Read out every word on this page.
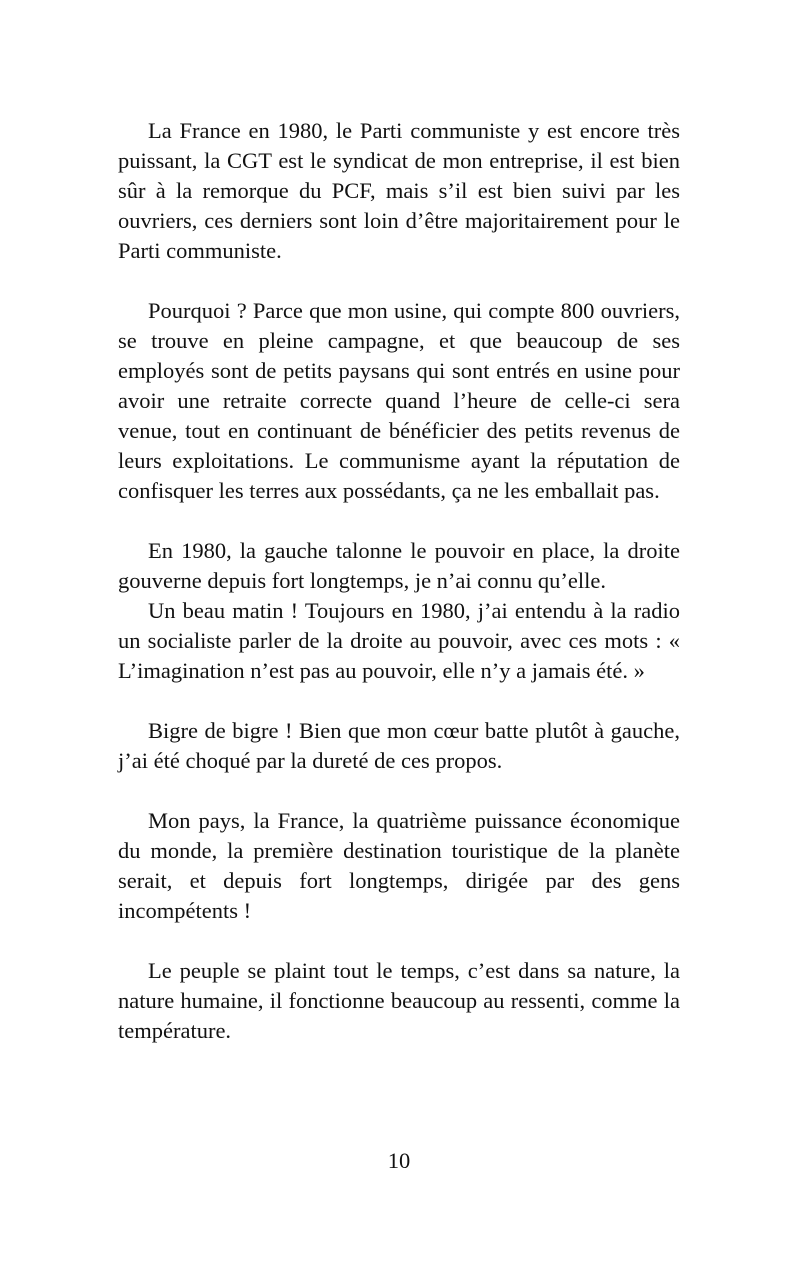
La France en 1980, le Parti communiste y est encore très puissant, la CGT est le syndicat de mon entreprise, il est bien sûr à la remorque du PCF, mais s’il est bien suivi par les ouvriers, ces derniers sont loin d’être majoritairement pour le Parti communiste.

Pourquoi ? Parce que mon usine, qui compte 800 ouvriers, se trouve en pleine campagne, et que beaucoup de ses employés sont de petits paysans qui sont entrés en usine pour avoir une retraite correcte quand l’heure de celle-ci sera venue, tout en continuant de bénéficier des petits revenus de leurs exploitations. Le communisme ayant la réputation de confisquer les terres aux possédants, ça ne les emballait pas.

En 1980, la gauche talonne le pouvoir en place, la droite gouverne depuis fort longtemps, je n’ai connu qu’elle.

Un beau matin ! Toujours en 1980, j’ai entendu à la radio un socialiste parler de la droite au pouvoir, avec ces mots : « L’imagination n’est pas au pouvoir, elle n’y a jamais été. »

Bigre de bigre ! Bien que mon cœur batte plutôt à gauche, j’ai été choqué par la dureté de ces propos.

Mon pays, la France, la quatrième puissance économique du monde, la première destination touristique de la planète serait, et depuis fort longtemps, dirigée par des gens incompétents !

Le peuple se plaint tout le temps, c’est dans sa nature, la nature humaine, il fonctionne beaucoup au ressenti, comme la température.

10
